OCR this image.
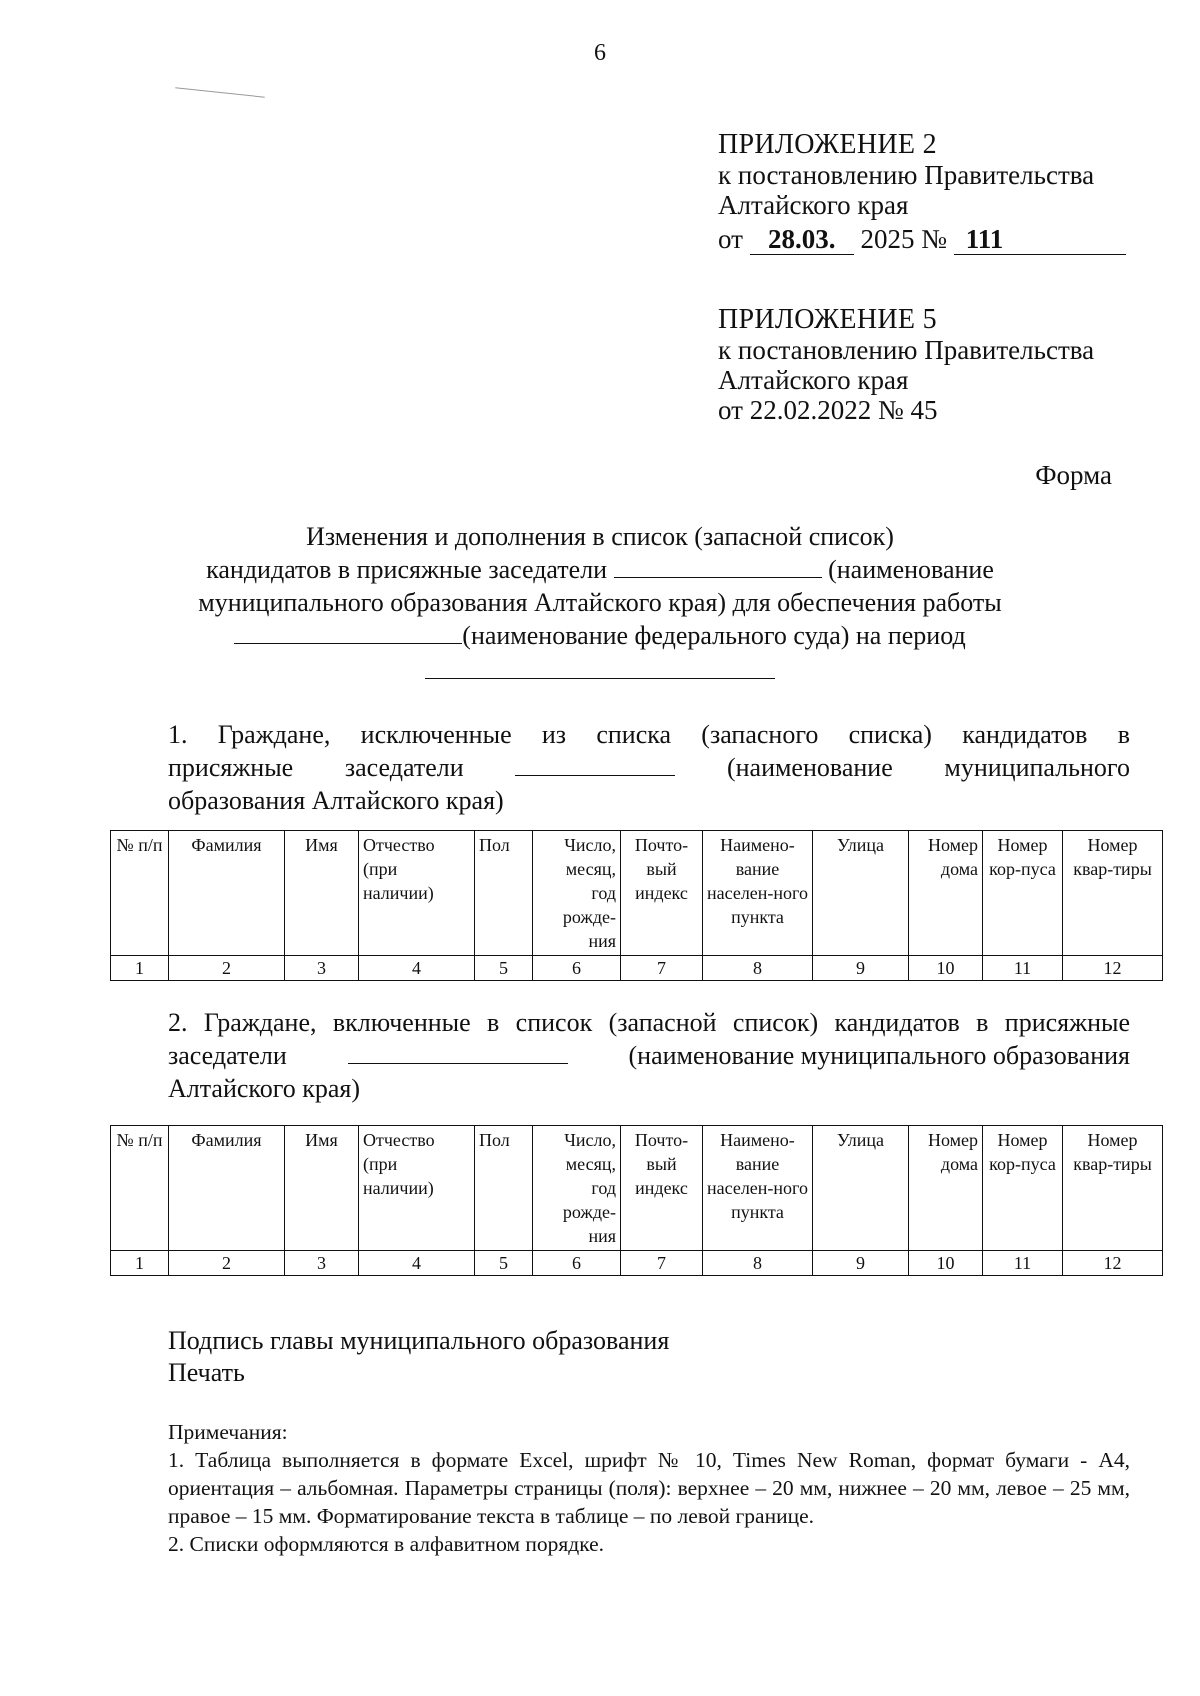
6
ПРИЛОЖЕНИЕ 2
к постановлению Правительства
Алтайского края
от 28.03. 2025 № 111
ПРИЛОЖЕНИЕ 5
к постановлению Правительства
Алтайского края
от 22.02.2022 № 45
Форма
Изменения и дополнения в список (запасной список)
кандидатов в присяжные заседатели	(наименование
муниципального образования Алтайского края) для обеспечения работы
(наименование федерального суда) на период
1. Граждане, исключенные из списка (запасного списка) кандидатов в
присяжные заседатели	(наименование муниципального
образования Алтайского края)
№ п/п	Фамилия	Имя	Отчество (при наличии)	Пол	Число, месяц, год рожде-ния	Почто-вый индекс	Наимено-вание населен-ного пункта	Улица	Номер дома	Номер кор-пуса	Номер квар-тиры
1	2	3	4	5	6	7	8	9	10	11	12
2. Граждане, включенные в список (запасной список) кандидатов в присяжные
заседатели	(наименование муниципального образования
Алтайского края)
№ п/п	Фамилия	Имя	Отчество (при наличии)	Пол	Число, месяц, год рожде-ния	Почто-вый индекс	Наимено-вание населен-ного пункта	Улица	Номер дома	Номер кор-пуса	Номер квар-тиры
1	2	3	4	5	6	7	8	9	10	11	12
Подпись главы муниципального образования
Печать

Примечания:

1. Таблица выполняется в формате Excel, шрифт № 10, Times New Roman, формат бумаги - А4, ориентация – альбомная. Параметры страницы (поля): верхнее – 20 мм, нижнее – 20 мм, левое – 25 мм, правое – 15 мм. Форматирование текста в таблице – по левой границе.

2. Списки оформляются в алфавитном порядке.
